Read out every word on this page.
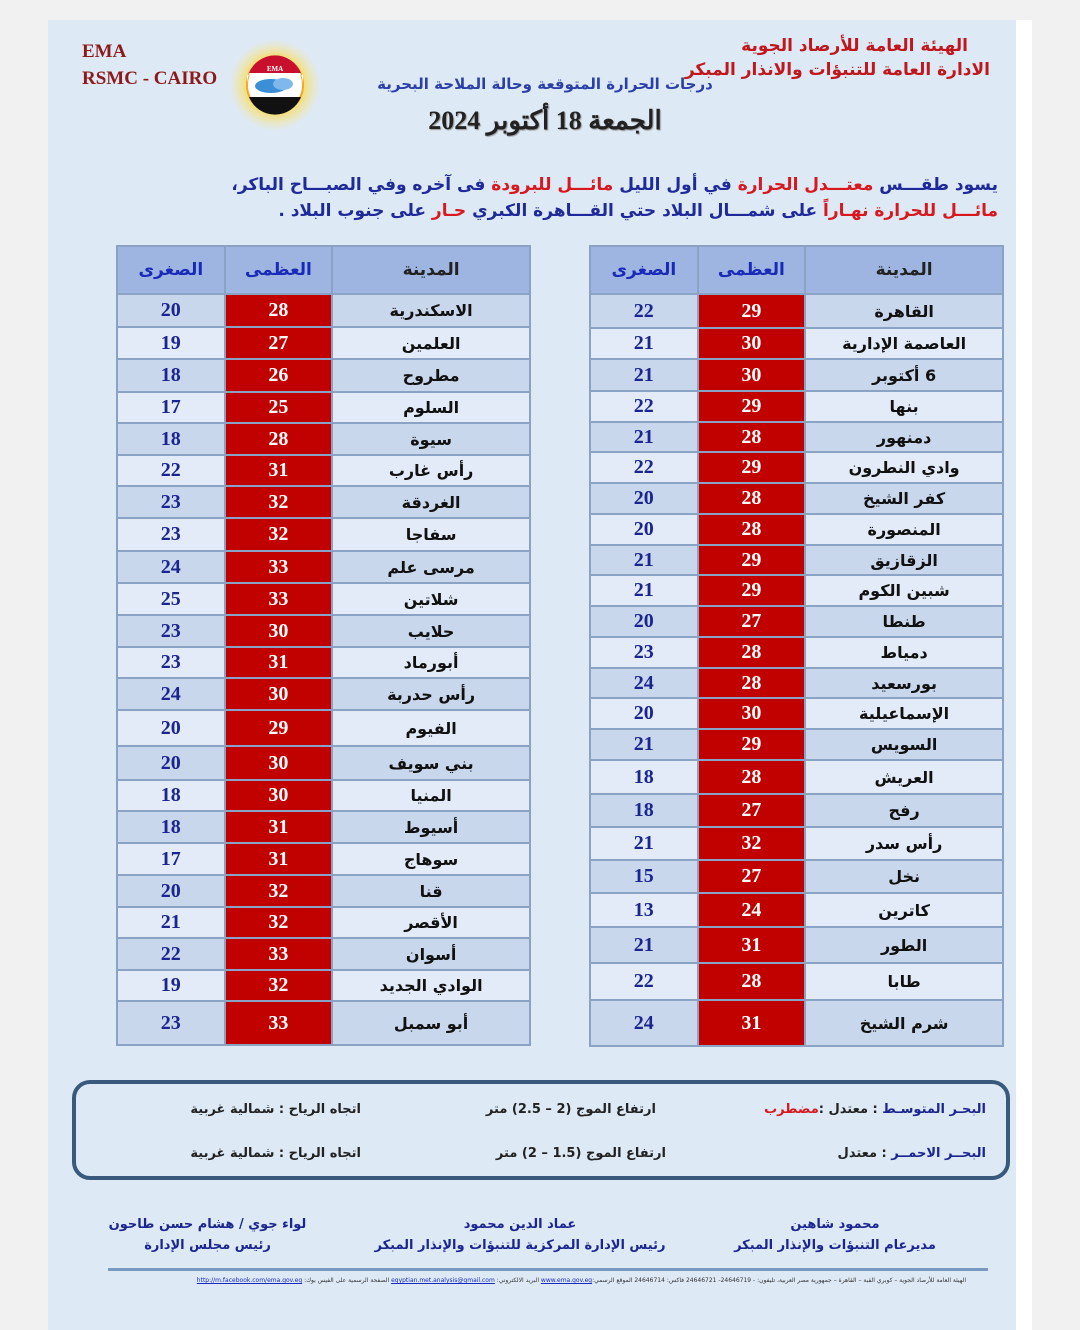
EMA
RSMC - CAIRO	EMA
الهيئة العامة للأرصاد الجوية
الادارة العامة للتنبؤات والانذار المبكر
درجات الحرارة المتوقعة وحالة الملاحة البحرية
الجمعة 18 أكتوبر 2024
يسود طقـــس معتـــدل الحرارة في أول الليل مائـــل للبرودة فى آخره وفي الصبـــاح الباكر،
مائـــل للحرارة نهـاراً على شمـــال البلاد حتي القـــاهرة الكبري حـار على جنوب البلاد .
المدينة	العظمى	الصغرى
القاهرة	29	22
العاصمة الإدارية	30	21
6 أكتوبر	30	21
بنها	29	22
دمنهور	28	21
وادي النطرون	29	22
كفر الشيخ	28	20
المنصورة	28	20
الزقازيق	29	21
شبين الكوم	29	21
طنطا	27	20
دمياط	28	23
بورسعيد	28	24
الإسماعيلية	30	20
السويس	29	21
العريش	28	18
رفح	27	18
رأس سدر	32	21
نخل	27	15
كاترين	24	13
الطور	31	21
طابا	28	22
شرم الشيخ	31	24
المدينة	العظمى	الصغرى
الاسكندرية	28	20
العلمين	27	19
مطروح	26	18
السلوم	25	17
سيوة	28	18
رأس غارب	31	22
الغردقة	32	23
سفاجا	32	23
مرسى علم	33	24
شلاتين	33	25
حلايب	30	23
أبورماد	31	23
رأس حدربة	30	24
الفيوم	29	20
بني سويف	30	20
المنيا	30	18
أسيوط	31	18
سوهاج	31	17
قنا	32	20
الأقصر	32	21
أسوان	33	22
الوادي الجديد	32	19
أبو سمبل	33	23
البحـر المتوسـط : معتدل :مضطرب
ارتفاع الموج (2 – 2.5) متر
اتجاه الرياح : شمالية غربية
البحــر الاحمــر : معتدل
ارتفاع الموج (1.5 – 2) متر
اتجاه الرياح : شمالية غربية
محمود شاهين
مديرعام التنبؤات والإنذار المبكر
عماد الدين محمود
رئيس الإدارة المركزية للتنبؤات والإنذار المبكر
لواء جوي / هشام حسن طاحون
رئيس مجلس الإدارة
الهيئة العامة للأرصاد الجوية – كوبري القبة – القاهرة – جمهورية مصر العربية، تليفون: - 24646719- 24646721 فاكس: 24646714 الموقع الرسمي:www.ema.gov.eg البريد الالكتروني: egyptian.met.analysis@gmail.com الصفحة الرسمية على الفيس بوك: http://m.facebook.com/ema.gov.eg
